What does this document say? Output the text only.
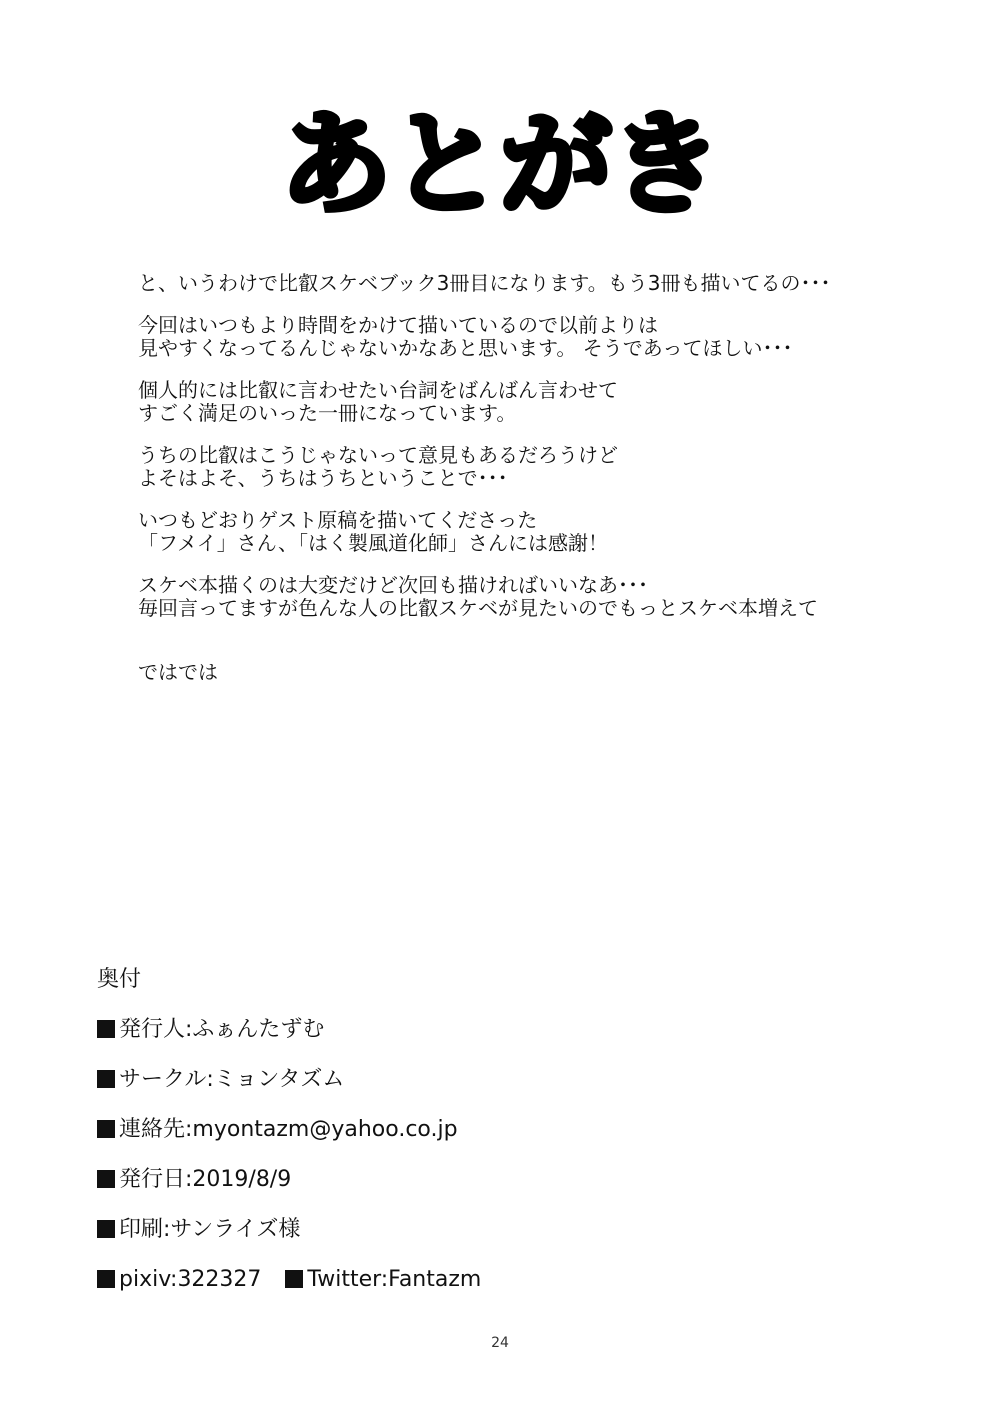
あとがき
と、いうわけで比叡スケベブック3冊目になります。もう3冊も描いてるの･･･
今回はいつもより時間をかけて描いているので以前よりは
見やすくなってるんじゃないかなあと思います。 そうであってほしい･･･
個人的には比叡に言わせたい台詞をばんばん言わせて
すごく満足のいった一冊になっています。
うちの比叡はこうじゃないって意見もあるだろうけど
よそはよそ、うちはうちということで･･･
いつもどおりゲスト原稿を描いてくださった
「フメイ」さん、「はく製風道化師」さんには感謝！
スケベ本描くのは大変だけど次回も描ければいいなあ･･･
毎回言ってますが色んな人の比叡スケベが見たいのでもっとスケベ本増えて
ではでは
奥付
発行人:ふぁんたずむ
サークル:ミョンタズム
連絡先:myontazm@yahoo.co.jp
発行日:2019/8/9
印刷:サンライズ様
pixiv:322327 Twitter:Fantazm
24
